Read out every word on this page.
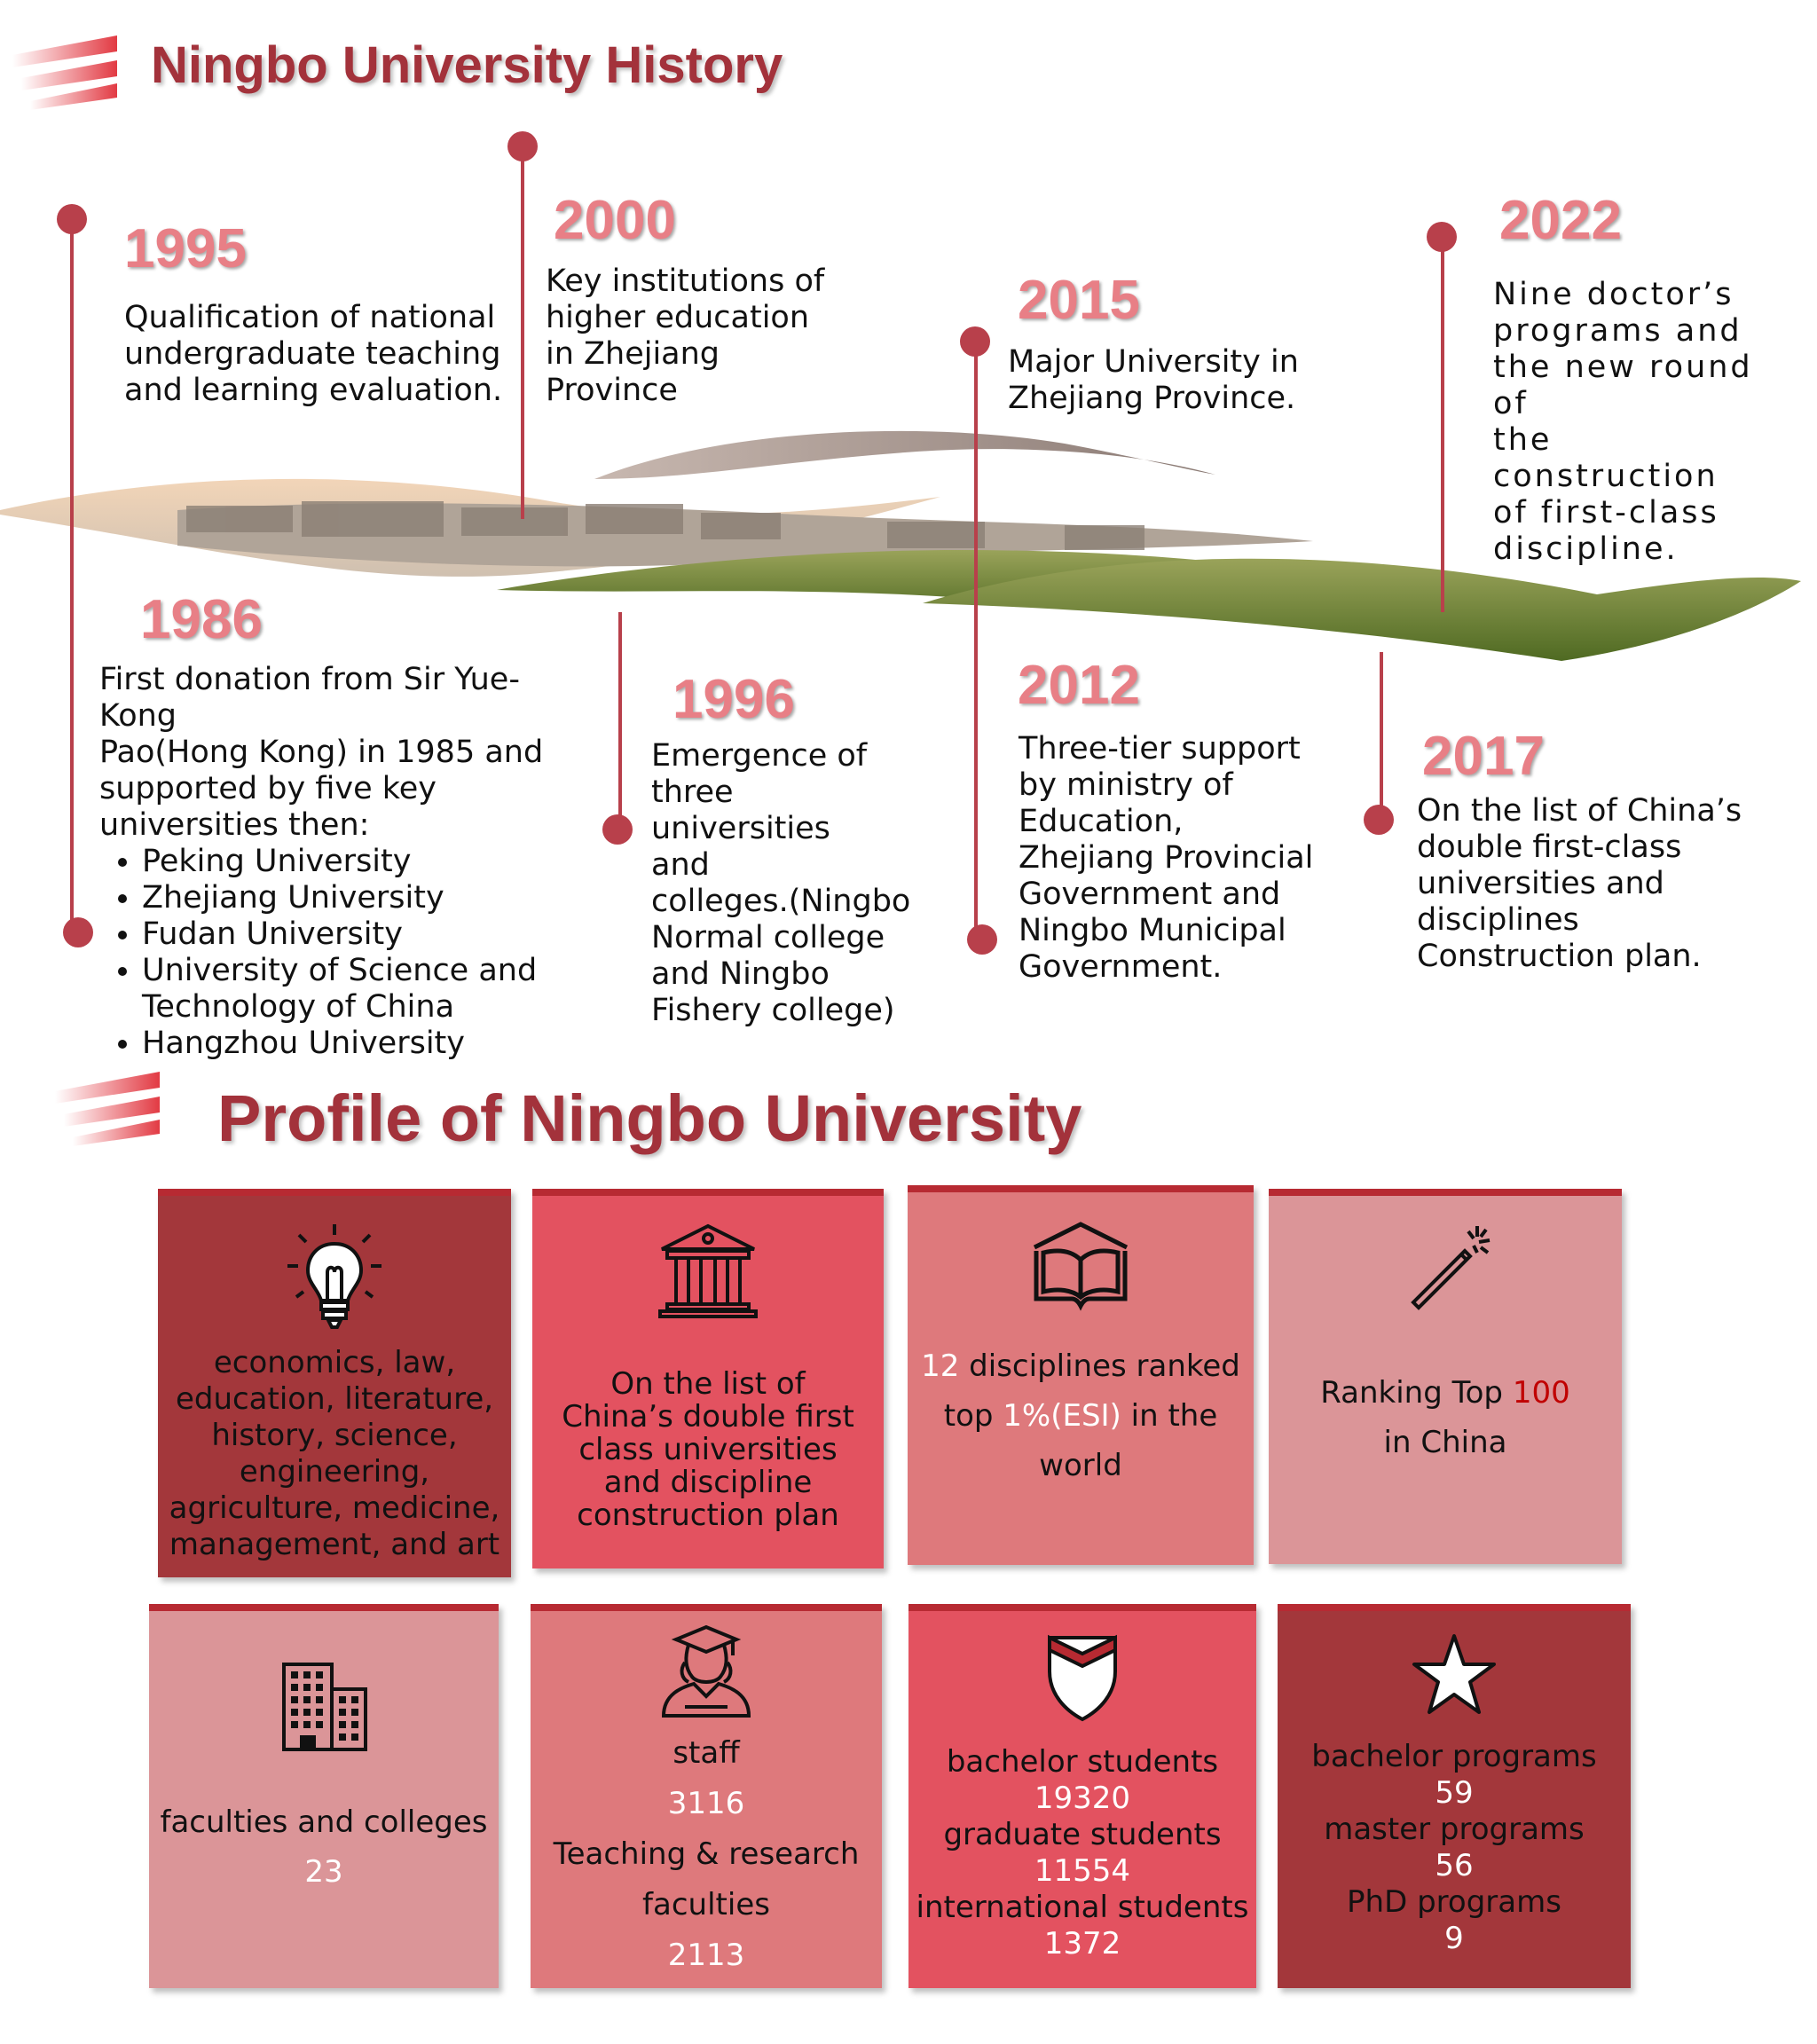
Ningbo University History
1995
Qualification of national
undergraduate teaching
and learning evaluation.
2000
Key institutions of
higher education
in Zhejiang
Province
2015
Major University in
Zhejiang Province.
2022
Nine doctor’s
programs and
the new round of
the construction
of first-class
discipline.
1986
First donation from Sir Yue-Kong
Pao(Hong Kong) in 1985 and
supported by five key
universities then:
• Peking University
• Zhejiang University
• Fudan University
• University of Science and Technology of China
• Hangzhou University
1996
Emergence of
three universities
and
colleges.(Ningbo
Normal college
and Ningbo
Fishery college)
2012
Three-tier support
by ministry of
Education,
Zhejiang Provincial
Government and
Ningbo Municipal
Government.
2017
On the list of China’s
double first-class
universities and
disciplines
Construction plan.
Profile of Ningbo University
economics, law,
education, literature,
history, science,
engineering,
agriculture, medicine,
management, and art
On the list of
China’s double first
class universities
and discipline
construction plan
12 disciplines ranked
top 1%(ESI) in the
world
Ranking Top 100
in China
faculties and colleges
23
staff
3116
Teaching & research
faculties
2113
bachelor students
19320
graduate students
11554
international students
1372
bachelor programs
59
master programs
56
PhD programs
9
